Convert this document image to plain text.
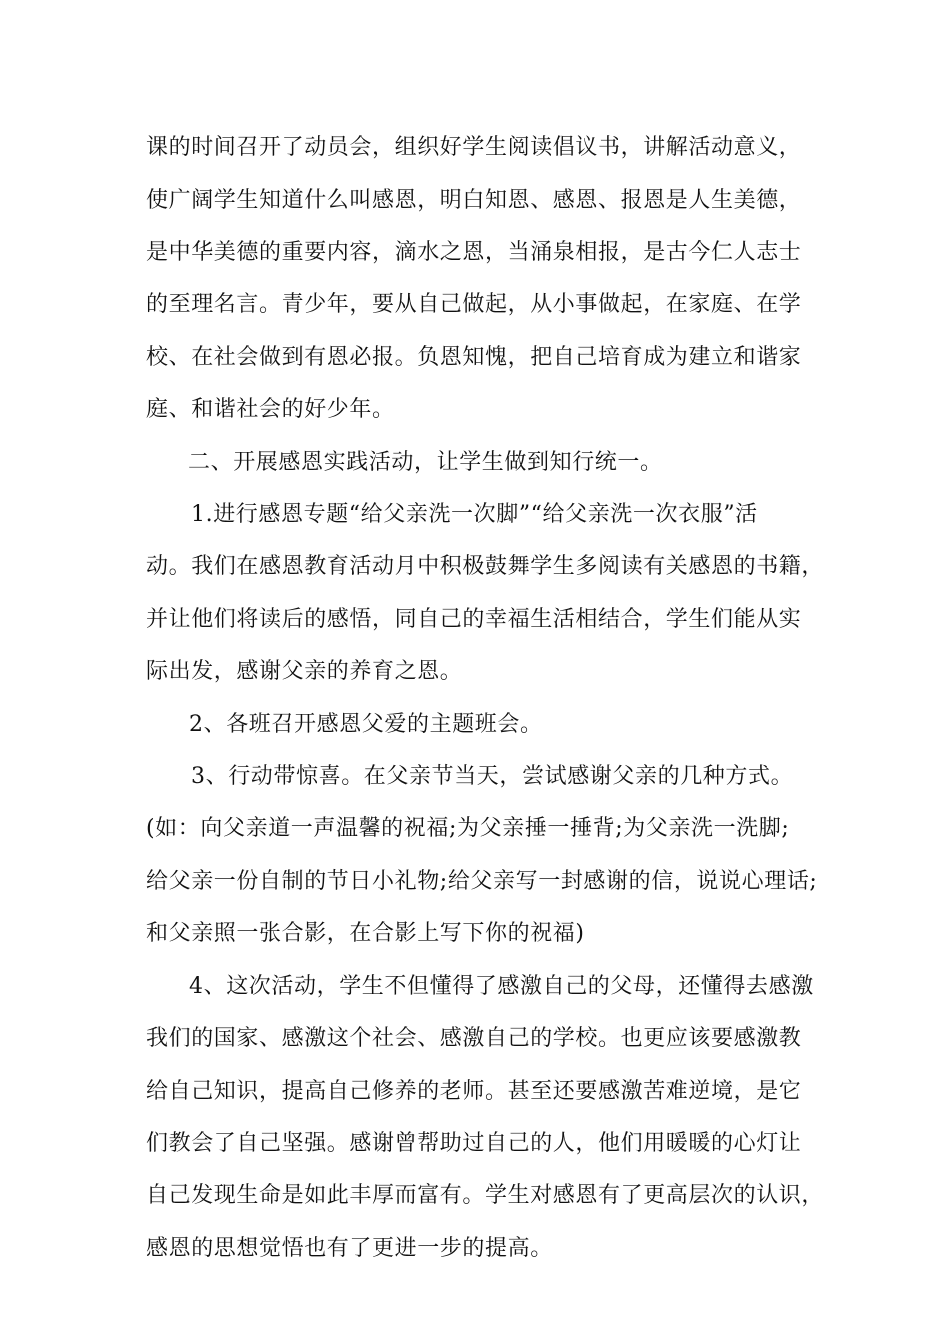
课的时间召开了动员会，组织好学生阅读倡议书，讲解活动意义，
使广阔学生知道什么叫感恩，明白知恩、感恩、报恩是人生美德，
是中华美德的重要内容，滴水之恩，当涌泉相报，是古今仁人志士
的至理名言。青少年，要从自己做起，从小事做起，在家庭、在学
校、在社会做到有恩必报。负恩知愧，把自己培育成为建立和谐家
庭、和谐社会的好少年。
二、开展感恩实践活动，让学生做到知行统一。
1.进行感恩专题“给父亲洗一次脚”“给父亲洗一次衣服”活
动。我们在感恩教育活动月中积极鼓舞学生多阅读有关感恩的书籍，
并让他们将读后的感悟，同自己的幸福生活相结合，学生们能从实
际出发，感谢父亲的养育之恩。
2、各班召开感恩父爱的主题班会。
3、行动带惊喜。在父亲节当天，尝试感谢父亲的几种方式。
(如：向父亲道一声温馨的祝福;为父亲捶一捶背;为父亲洗一洗脚;
给父亲一份自制的节日小礼物;给父亲写一封感谢的信，说说心理话;
和父亲照一张合影，在合影上写下你的祝福)
4、这次活动，学生不但懂得了感激自己的父母，还懂得去感激
我们的国家、感激这个社会、感激自己的学校。也更应该要感激教
给自己知识，提高自己修养的老师。甚至还要感激苦难逆境，是它
们教会了自己坚强。感谢曾帮助过自己的人，他们用暖暖的心灯让
自己发现生命是如此丰厚而富有。学生对感恩有了更高层次的认识，
感恩的思想觉悟也有了更进一步的提高。
